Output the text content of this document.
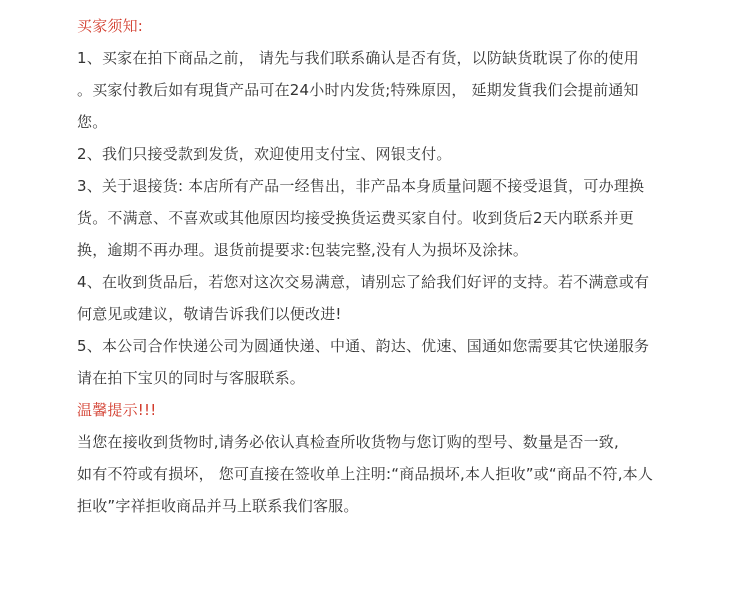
买家须知:
1、买家在拍下商品之前， 请先与我们联系确认是否有货，以防缺货耽误了你的使用
。买家付教后如有現貨产品可在24小时内发货;特殊原因， 延期发貨我们会提前通知
您。
2、我们只接受款到发货，欢迎使用支付宝、网银支付。
3、关于退接货: 本店所有产品一经售出，非产品本身质量问题不接受退貨，可办理换
货。不满意、不喜欢或其他原因均接受换货运费买家自付。收到货后2天内联系并更
换，逾期不再办理。退货前提要求:包装完整,没有人为损坏及涂抹。
4、在收到货品后，若您对这次交易满意，请别忘了給我们好评的支持。若不满意或有
何意见或建议，敬请告诉我们以便改进!
5、本公司合作快递公司为圆通快递、中通、韵达、优速、国通如您需要其它快递服务
请在拍下宝贝的同时与客服联系。
温馨提示!!!
当您在接收到货物时,请务必依认真检查所收货物与您订购的型号、数量是否一致,
如有不符或有损坏， 您可直接在签收单上注明:“商品损坏,本人拒收”或“商品不符,本人
拒收”字祥拒收商品并马上联系我们客服。
